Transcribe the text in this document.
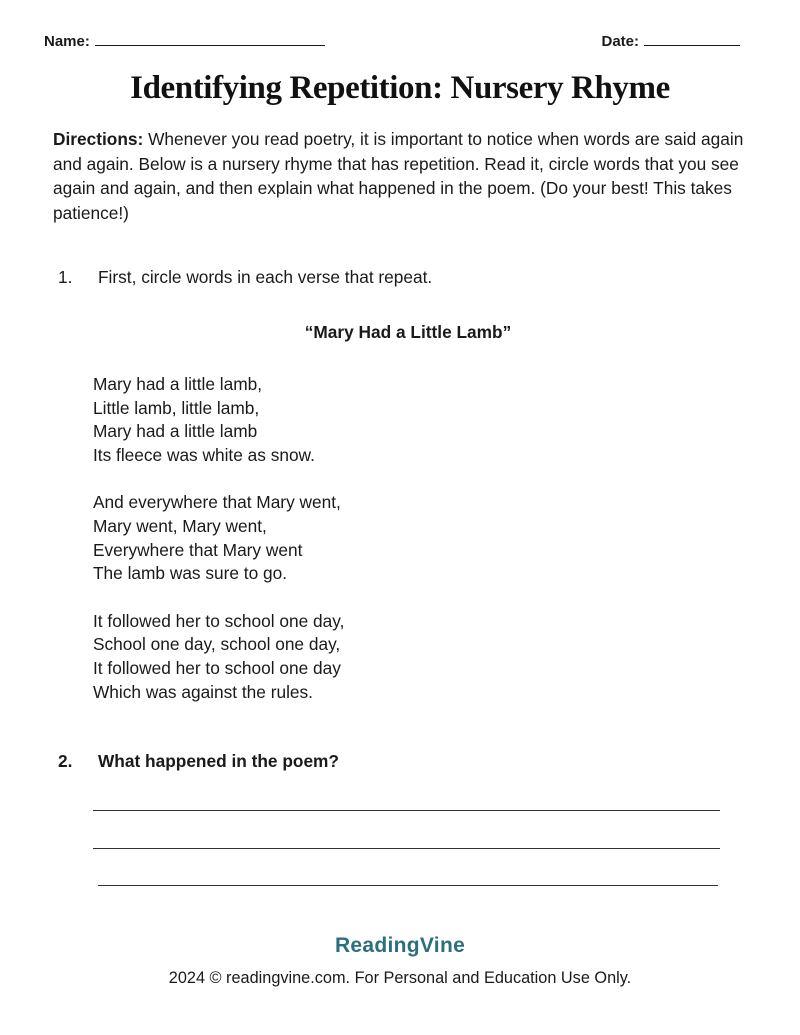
Name:	Date:
Identifying Repetition: Nursery Rhyme
Directions: Whenever you read poetry, it is important to notice when words are said again and again. Below is a nursery rhyme that has repetition. Read it, circle words that you see again and again, and then explain what happened in the poem. (Do your best! This takes patience!)
1. First, circle words in each verse that repeat.
“Mary Had a Little Lamb”
Mary had a little lamb,
Little lamb, little lamb,
Mary had a little lamb
Its fleece was white as snow.
And everywhere that Mary went,
Mary went, Mary went,
Everywhere that Mary went
The lamb was sure to go.
It followed her to school one day,
School one day, school one day,
It followed her to school one day
Which was against the rules.
2. What happened in the poem?
ReadingVine
2024 © readingvine.com. For Personal and Education Use Only.
